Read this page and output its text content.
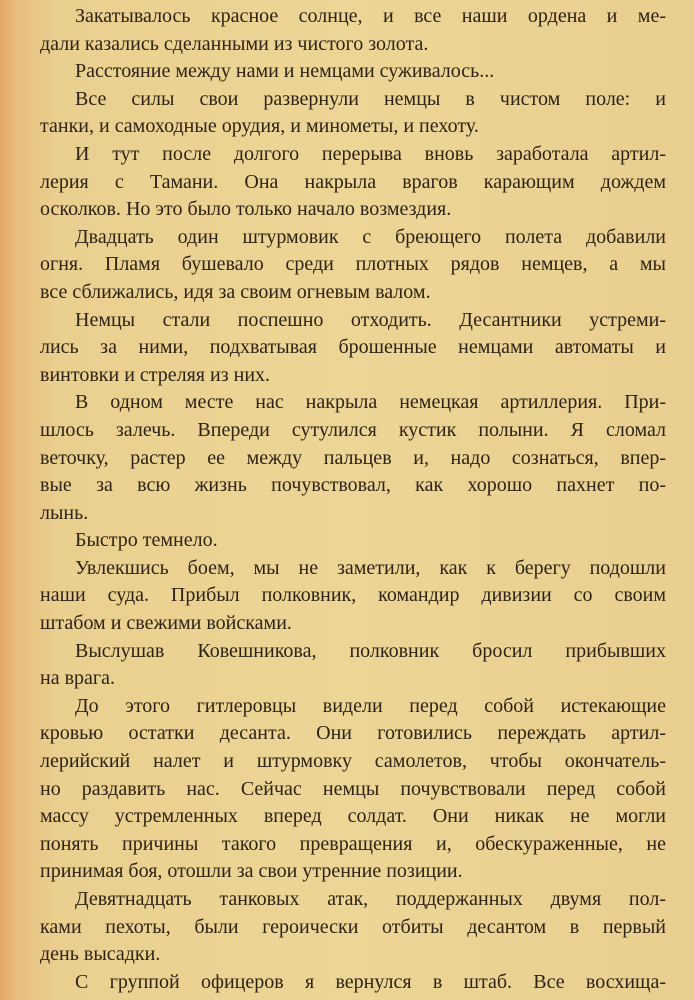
Закатывалось красное солнце, и все наши ордена и ме-
дали казались сделанными из чистого золота.
Расстояние между нами и немцами суживалось...
Все силы свои развернули немцы в чистом поле: и
танки, и самоходные орудия, и минометы, и пехоту.
И тут после долгого перерыва вновь заработала артил-
лерия с Тамани. Она накрыла врагов карающим дождем
осколков. Но это было только начало возмездия.
Двадцать один штурмовик с бреющего полета добавили
огня. Пламя бушевало среди плотных рядов немцев, а мы
все сближались, идя за своим огневым валом.
Немцы стали поспешно отходить. Десантники устреми-
лись за ними, подхватывая брошенные немцами автоматы и
винтовки и стреляя из них.
В одном месте нас накрыла немецкая артиллерия. При-
шлось залечь. Впереди сутулился кустик полыни. Я сломал
веточку, растер ее между пальцев и, надо сознаться, впер-
вые за всю жизнь почувствовал, как хорошо пахнет по-
лынь.
Быстро темнело.
Увлекшись боем, мы не заметили, как к берегу подошли
наши суда. Прибыл полковник, командир дивизии со своим
штабом и свежими войсками.
Выслушав Ковешникова, полковник бросил прибывших
на врага.
До этого гитлеровцы видели перед собой истекающие
кровью остатки десанта. Они готовились переждать артил-
лерийский налет и штурмовку самолетов, чтобы окончатель-
но раздавить нас. Сейчас немцы почувствовали перед собой
массу устремленных вперед солдат. Они никак не могли
понять причины такого превращения и, обескураженные, не
принимая боя, отошли за свои утренние позиции.
Девятнадцать танковых атак, поддержанных двумя пол-
ками пехоты, были героически отбиты десантом в первый
день высадки.
С группой офицеров я вернулся в штаб. Все восхища-
